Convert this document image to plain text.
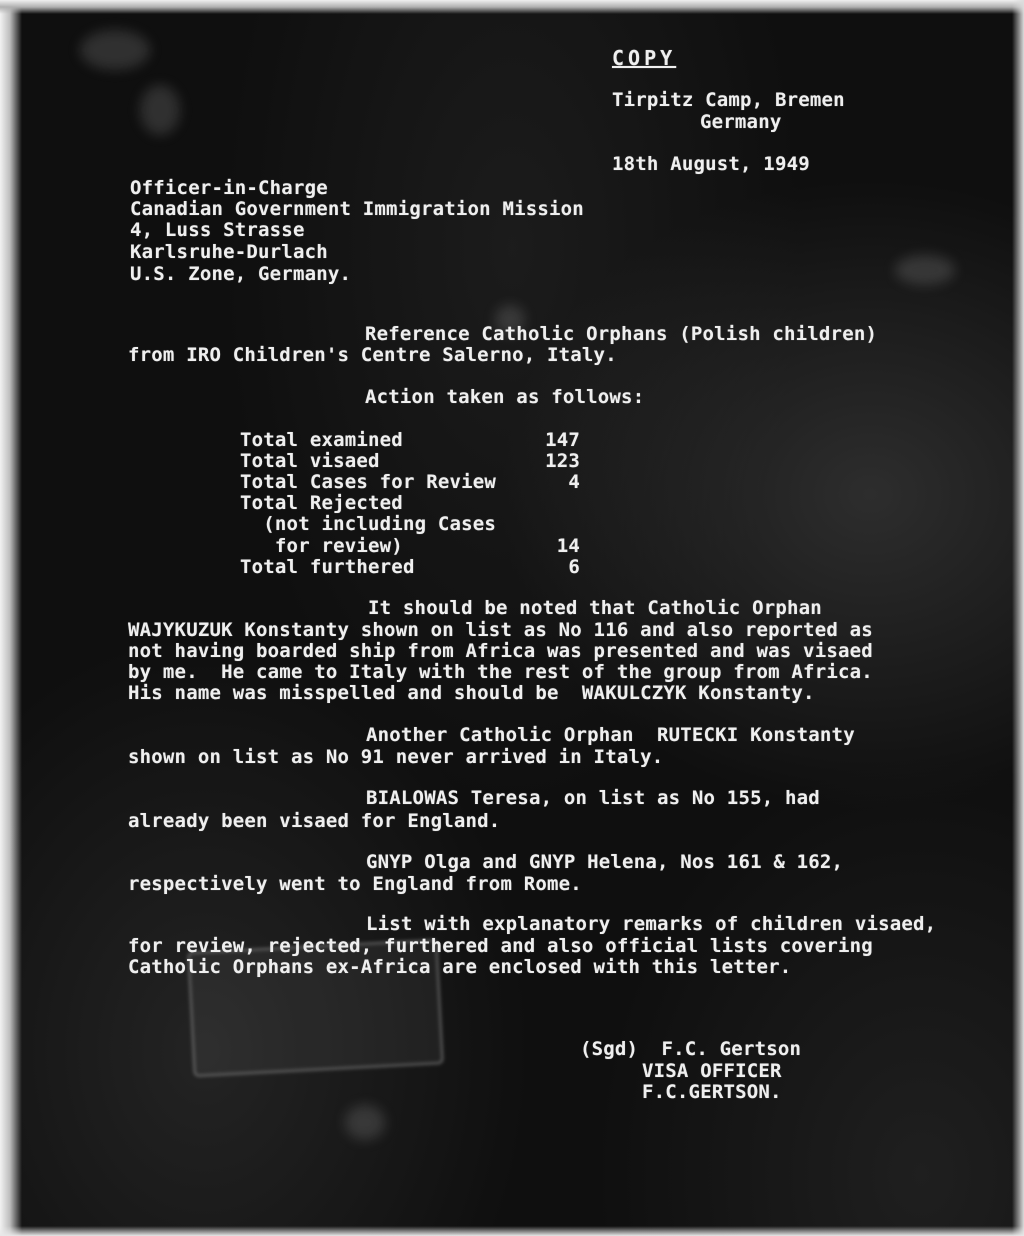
COPY
Tirpitz Camp, Bremen
Germany
18th August, 1949
Officer-in-Charge
Canadian Government Immigration Mission
4, Luss Strasse
Karlsruhe-Durlach
U.S. Zone, Germany.
Reference Catholic Orphans (Polish children)
from IRO Children's Centre Salerno, Italy.
Action taken as follows:
Total examined	147
Total visaed	123
Total Cases for Review	4
Total Rejected
(not including Cases
for review)	14
Total furthered	6
It should be noted that Catholic Orphan
WAJYKUZUK Konstanty shown on list as No 116 and also reported as
not having boarded ship from Africa was presented and was visaed
by me.  He came to Italy with the rest of the group from Africa.
His name was misspelled and should be  WAKULCZYK Konstanty.
Another Catholic Orphan  RUTECKI Konstanty
shown on list as No 91 never arrived in Italy.
BIALOWAS Teresa, on list as No 155, had
already been visaed for England.
GNYP Olga and GNYP Helena, Nos 161 & 162,
respectively went to England from Rome.
List with explanatory remarks of children visaed,
for review, rejected, furthered and also official lists covering
Catholic Orphans ex-Africa are enclosed with this letter.
(Sgd)  F.C. Gertson
VISA OFFICER
F.C.GERTSON.
